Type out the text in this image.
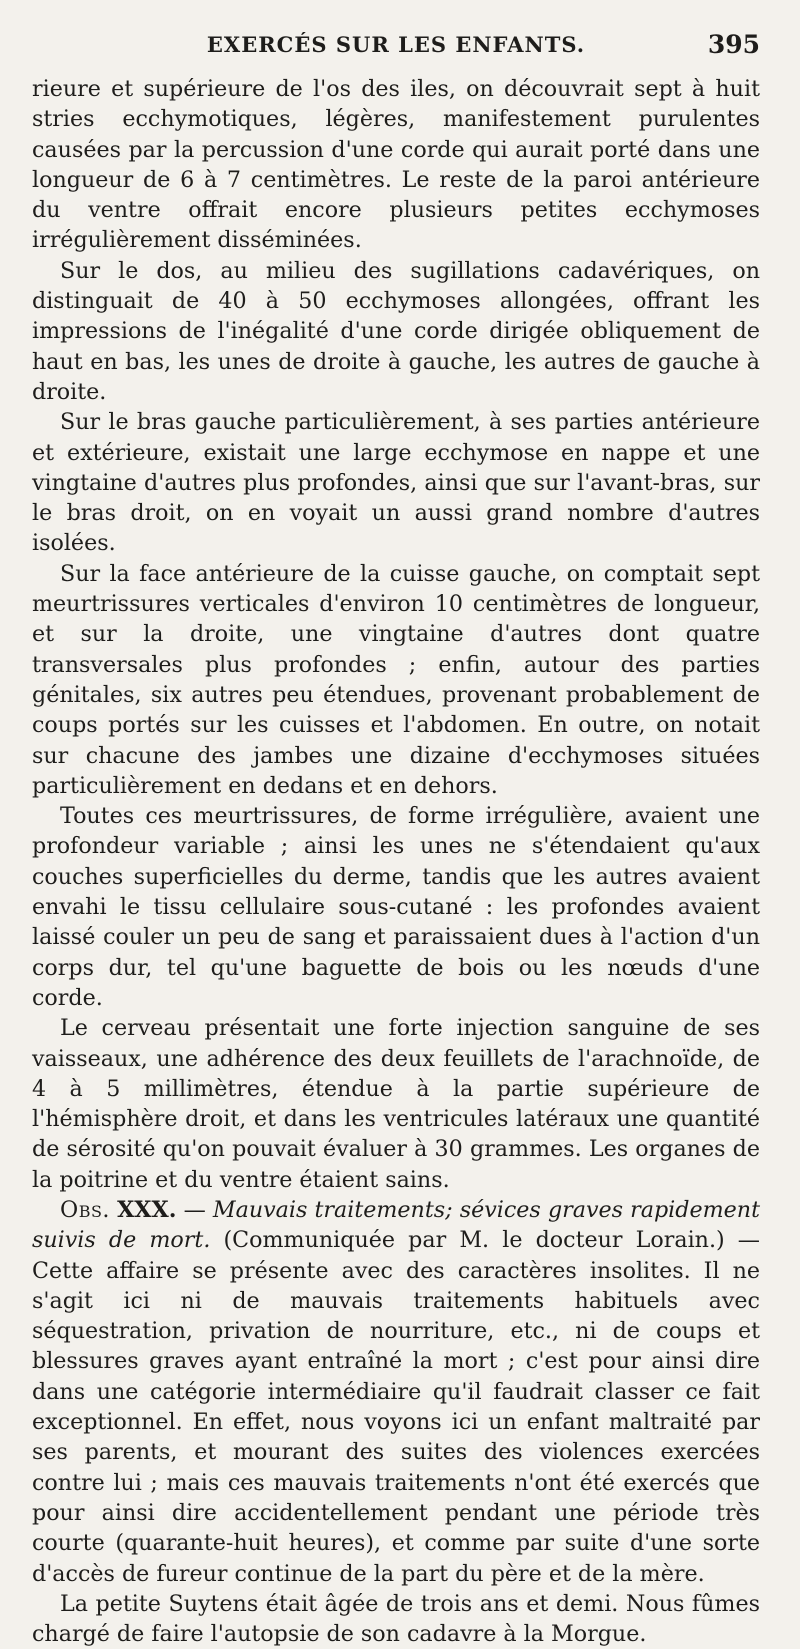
EXERCÉS SUR LES ENFANTS.	395

rieure et supérieure de l'os des iles, on découvrait sept à huit stries ecchymotiques, légères, manifestement purulentes causées par la percussion d'une corde qui aurait porté dans une longueur de 6 à 7 centimètres. Le reste de la paroi antérieure du ventre offrait encore plusieurs petites ecchymoses irrégulièrement disséminées.

Sur le dos, au milieu des sugillations cadavériques, on distinguait de 40 à 50 ecchymoses allongées, offrant les impressions de l'inégalité d'une corde dirigée obliquement de haut en bas, les unes de droite à gauche, les autres de gauche à droite.

Sur le bras gauche particulièrement, à ses parties antérieure et extérieure, existait une large ecchymose en nappe et une vingtaine d'autres plus profondes, ainsi que sur l'avant-bras, sur le bras droit, on en voyait un aussi grand nombre d'autres isolées.

Sur la face antérieure de la cuisse gauche, on comptait sept meurtrissures verticales d'environ 10 centimètres de longueur, et sur la droite, une vingtaine d'autres dont quatre transversales plus profondes ; enfin, autour des parties génitales, six autres peu étendues, provenant probablement de coups portés sur les cuisses et l'abdomen. En outre, on notait sur chacune des jambes une dizaine d'ecchymoses situées particulièrement en dedans et en dehors.

Toutes ces meurtrissures, de forme irrégulière, avaient une profondeur variable ; ainsi les unes ne s'étendaient qu'aux couches superficielles du derme, tandis que les autres avaient envahi le tissu cellulaire sous-cutané : les profondes avaient laissé couler un peu de sang et paraissaient dues à l'action d'un corps dur, tel qu'une baguette de bois ou les nœuds d'une corde.

Le cerveau présentait une forte injection sanguine de ses vaisseaux, une adhérence des deux feuillets de l'arachnoïde, de 4 à 5 millimètres, étendue à la partie supérieure de l'hémisphère droit, et dans les ventricules latéraux une quantité de sérosité qu'on pouvait évaluer à 30 grammes. Les organes de la poitrine et du ventre étaient sains.

Obs. XXX. — Mauvais traitements; sévices graves rapidement suivis de mort. (Communiquée par M. le docteur Lorain.) — Cette affaire se présente avec des caractères insolites. Il ne s'agit ici ni de mauvais traitements habituels avec séquestration, privation de nourriture, etc., ni de coups et blessures graves ayant entraîné la mort ; c'est pour ainsi dire dans une catégorie intermédiaire qu'il faudrait classer ce fait exceptionnel. En effet, nous voyons ici un enfant maltraité par ses parents, et mourant des suites des violences exercées contre lui ; mais ces mauvais traitements n'ont été exercés que pour ainsi dire accidentellement pendant une période très courte (quarante-huit heures), et comme par suite d'une sorte d'accès de fureur continue de la part du père et de la mère.

La petite Suytens était âgée de trois ans et demi. Nous fûmes chargé de faire l'autopsie de son cadavre à la Morgue.
